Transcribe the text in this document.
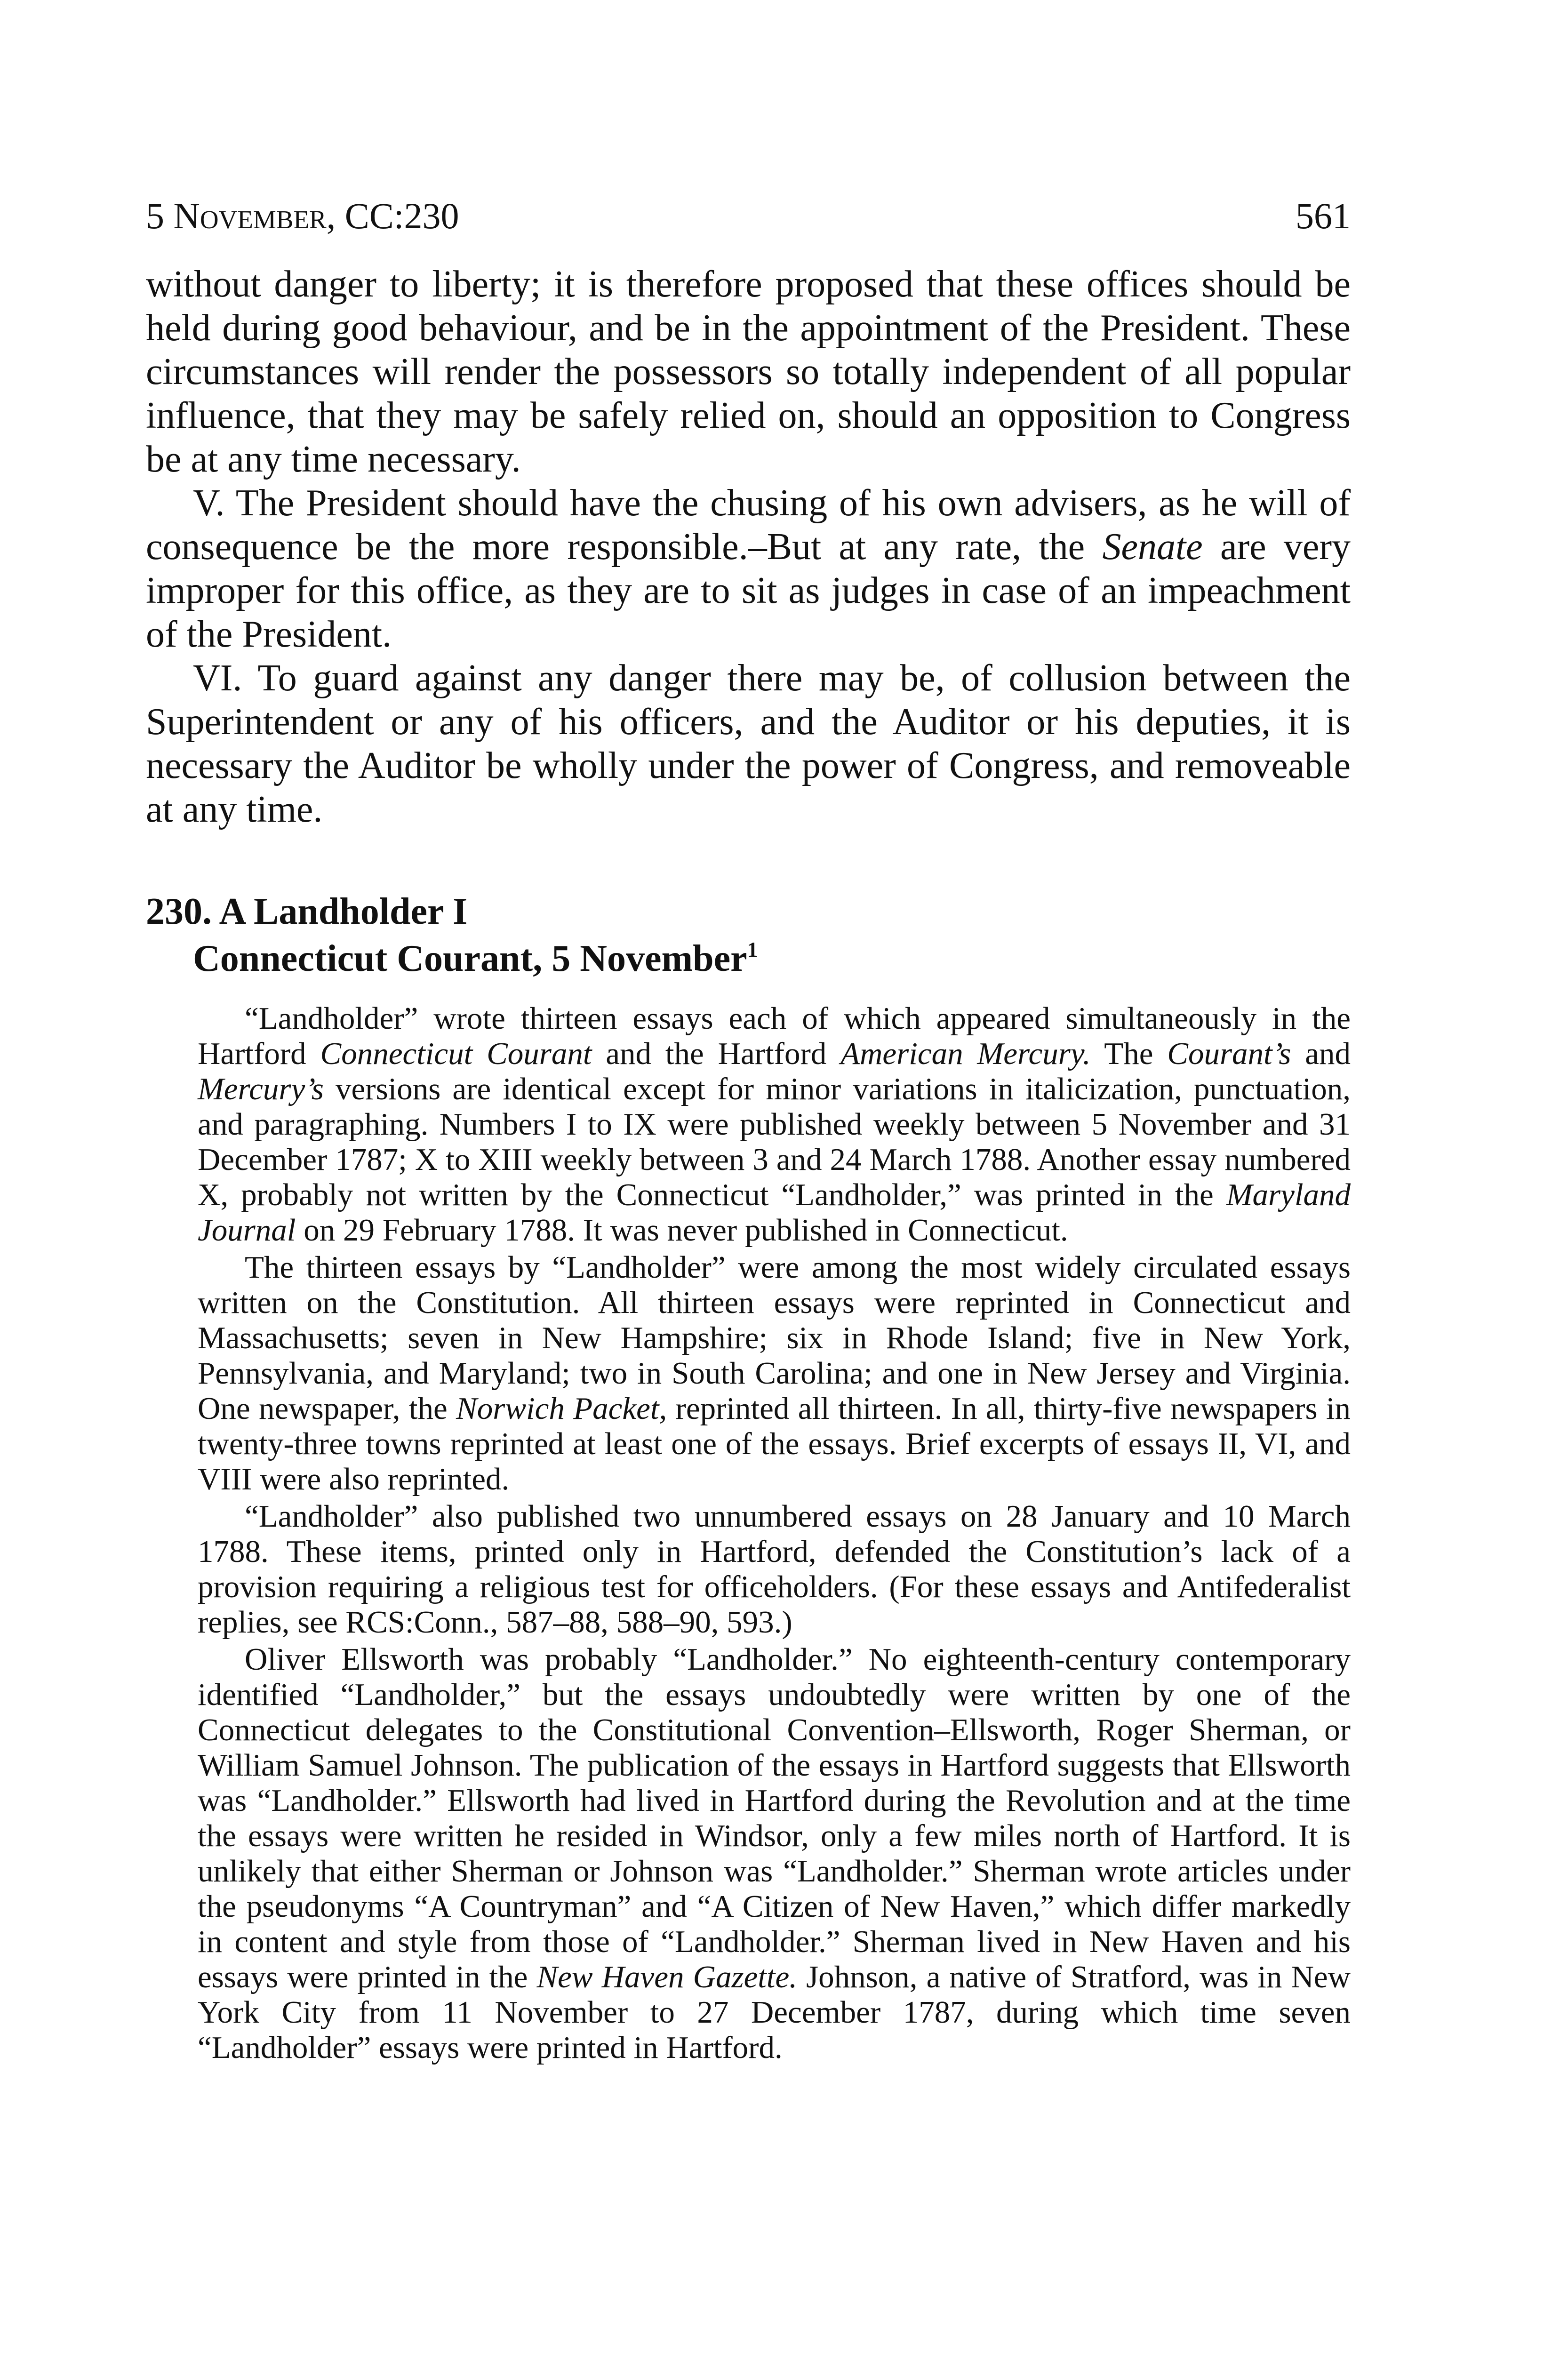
5 November, CC:230	561

without danger to liberty; it is therefore proposed that these offices should be held during good behaviour, and be in the appointment of the President. These circumstances will render the possessors so totally independent of all popular influence, that they may be safely relied on, should an opposition to Congress be at any time necessary.

V. The President should have the chusing of his own advisers, as he will of consequence be the more responsible.–But at any rate, the Senate are very improper for this office, as they are to sit as judges in case of an impeachment of the President.

VI. To guard against any danger there may be, of collusion between the Superintendent or any of his officers, and the Auditor or his deputies, it is necessary the Auditor be wholly under the power of Congress, and removeable at any time.

230. A Landholder I
Connecticut Courant, 5 November$^1$

“Landholder” wrote thirteen essays each of which appeared simultaneously in the Hartford Connecticut Courant and the Hartford American Mercury. The Courant’s and Mercury’s versions are identical except for minor variations in italicization, punctuation, and paragraphing. Numbers I to IX were published weekly between 5 November and 31 December 1787; X to XIII weekly between 3 and 24 March 1788. Another essay numbered X, probably not written by the Connecticut “Landholder,” was printed in the Maryland Journal on 29 February 1788. It was never published in Connecticut.

The thirteen essays by “Landholder” were among the most widely circulated essays written on the Constitution. All thirteen essays were reprinted in Connecticut and Massachusetts; seven in New Hampshire; six in Rhode Island; five in New York, Pennsylvania, and Maryland; two in South Carolina; and one in New Jersey and Virginia. One newspaper, the Norwich Packet, reprinted all thirteen. In all, thirty-five newspapers in twenty-three towns reprinted at least one of the essays. Brief excerpts of essays II, VI, and VIII were also reprinted.

“Landholder” also published two unnumbered essays on 28 January and 10 March 1788. These items, printed only in Hartford, defended the Constitution’s lack of a provision requiring a religious test for officeholders. (For these essays and Antifederalist replies, see RCS:Conn., 587–88, 588–90, 593.)

Oliver Ellsworth was probably “Landholder.” No eighteenth-century contemporary identified “Landholder,” but the essays undoubtedly were written by one of the Connecticut delegates to the Constitutional Convention–Ellsworth, Roger Sherman, or William Samuel Johnson. The publication of the essays in Hartford suggests that Ellsworth was “Landholder.” Ellsworth had lived in Hartford during the Revolution and at the time the essays were written he resided in Windsor, only a few miles north of Hartford. It is unlikely that either Sherman or Johnson was “Landholder.” Sherman wrote articles under the pseudonyms “A Countryman” and “A Citizen of New Haven,” which differ markedly in content and style from those of “Landholder.” Sherman lived in New Haven and his essays were printed in the New Haven Gazette. Johnson, a native of Stratford, was in New York City from 11 November to 27 December 1787, during which time seven “Landholder” essays were printed in Hartford.
